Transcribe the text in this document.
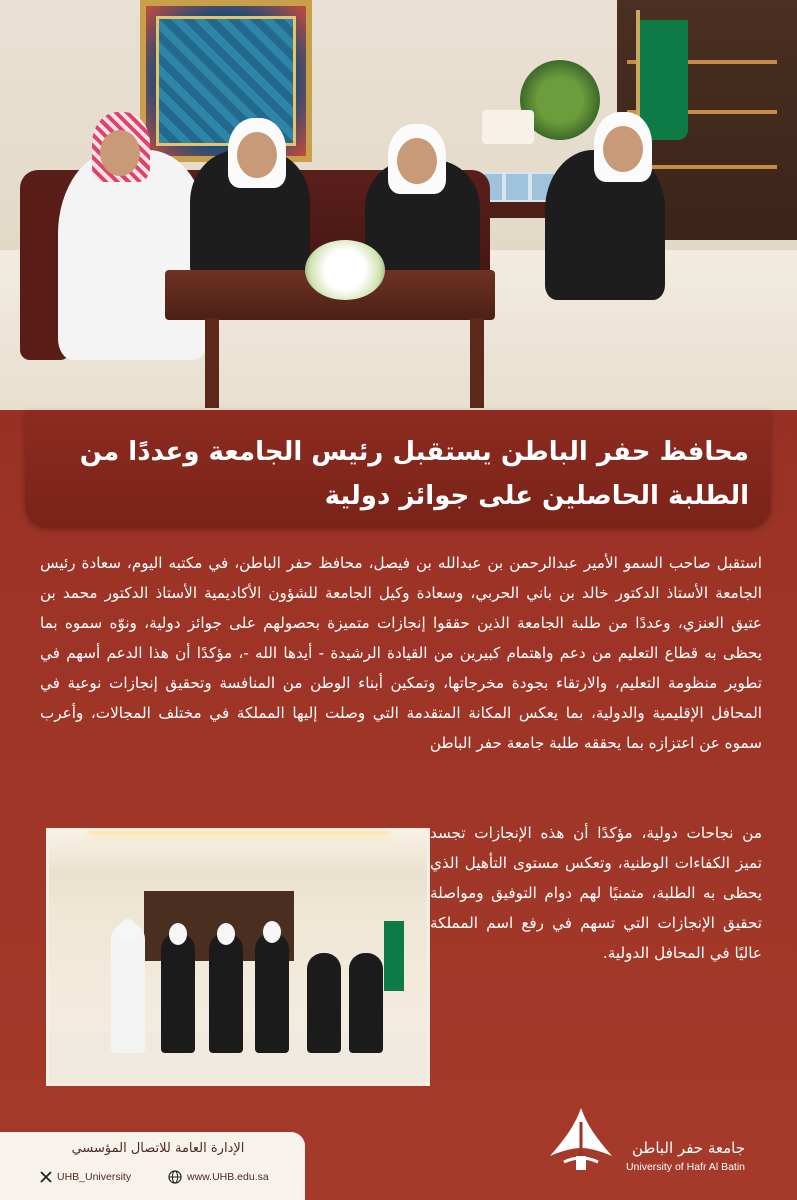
محافظ حفر الباطن يستقبل رئيس الجامعة وعددًا من الطلبة الحاصلين على جوائز دولية
استقبل صاحب السمو الأمير عبدالرحمن بن عبدالله بن فيصل، محافظ حفر الباطن، في مكتبه اليوم، سعادة رئيس الجامعة الأستاذ الدكتور خالد بن باني الحربي، وسعادة وكيل الجامعة للشؤون الأكاديمية الأستاذ الدكتور محمد بن عتيق العنزي، وعددًا من طلبة الجامعة الذين حققوا إنجازات متميزة بحصولهم على جوائز دولية، ونوّه سموه بما يحظى به قطاع التعليم من دعم واهتمام كبيرين من القيادة الرشيدة - أيدها الله -، مؤكدًا أن هذا الدعم أسهم في تطوير منظومة التعليم، والارتقاء بجودة مخرجاتها، وتمكين أبناء الوطن من المنافسة وتحقيق إنجازات نوعية في المحافل الإقليمية والدولية، بما يعكس المكانة المتقدمة التي وصلت إليها المملكة في مختلف المجالات، وأعرب سموه عن اعتزازه بما يحققه طلبة جامعة حفر الباطن
من نجاحات دولية، مؤكدًا أن هذه الإنجازات تجسد تميز الكفاءات الوطنية، وتعكس مستوى التأهيل الذي يحظى به الطلبة، متمنيًا لهم دوام التوفيق ومواصلة تحقيق الإنجازات التي تسهم في رفع اسم المملكة عاليًا في المحافل الدولية.
الإدارة العامة للاتصال المؤسسي
UHB_University	www.UHB.edu.sa
جامعة حفر الباطن
University of Hafr Al Batin
